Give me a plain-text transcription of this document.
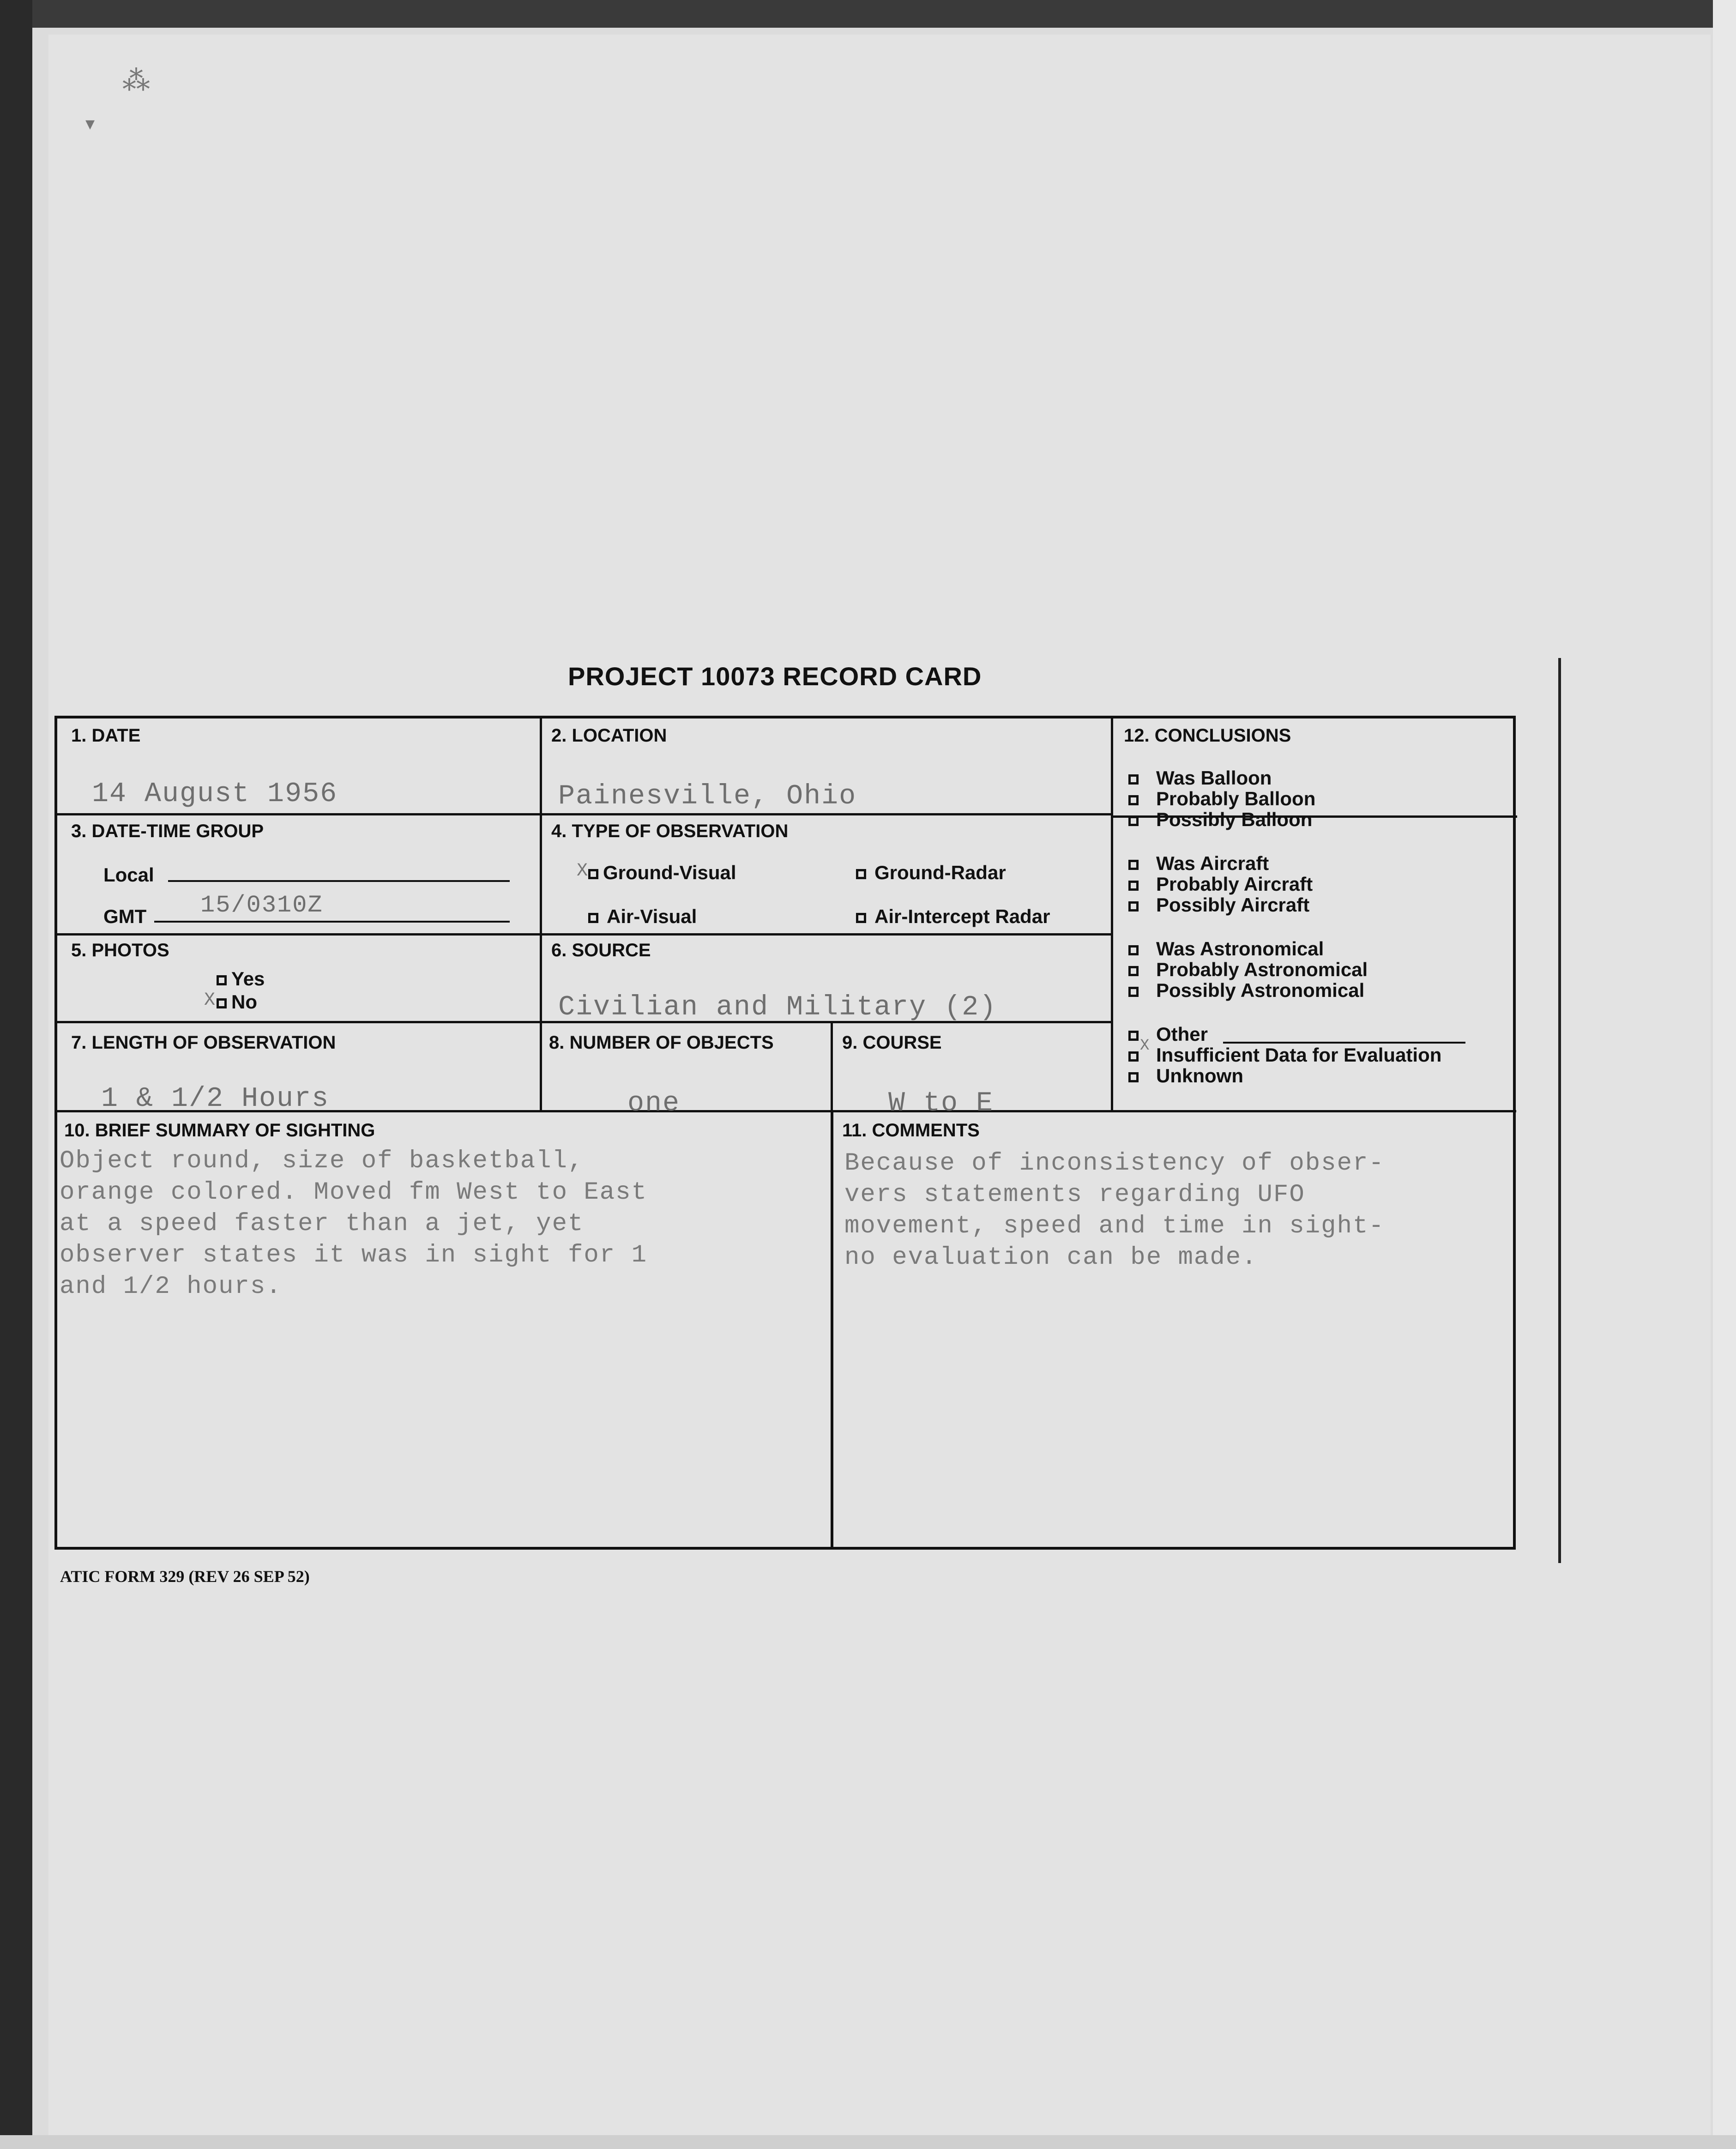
⁂
▾
PROJECT 10073 RECORD CARD
1. DATE
14 August 1956
2. LOCATION
Painesville, Ohio
3. DATE-TIME GROUP
Local
GMT 15/0310Z
4. TYPE OF OBSERVATION
X Ground-Visual	Ground-Radar
Air-Visual	Air-Intercept Radar
5. PHOTOS
Yes
X No
6. SOURCE
Civilian and Military (2)
7. LENGTH OF OBSERVATION
1 & 1/2 Hours
8. NUMBER OF OBJECTS
one
9. COURSE
W to E
12. CONCLUSIONS
Was Balloon
Probably Balloon
Possibly Balloon
Was Aircraft
Probably Aircraft
Possibly Aircraft
Was Astronomical
Probably Astronomical
Possibly Astronomical
Other
X Insufficient Data for Evaluation
Unknown
10. BRIEF SUMMARY OF SIGHTING
Object round, size of basketball,
orange colored. Moved fm West to East
at a speed faster than a jet, yet
observer states it was in sight for 1
and 1/2 hours.
11. COMMENTS
Because of inconsistency of obser-
vers statements regarding UFO
movement, speed and time in sight-
no evaluation can be made.
ATIC FORM 329 (REV 26 SEP 52)
